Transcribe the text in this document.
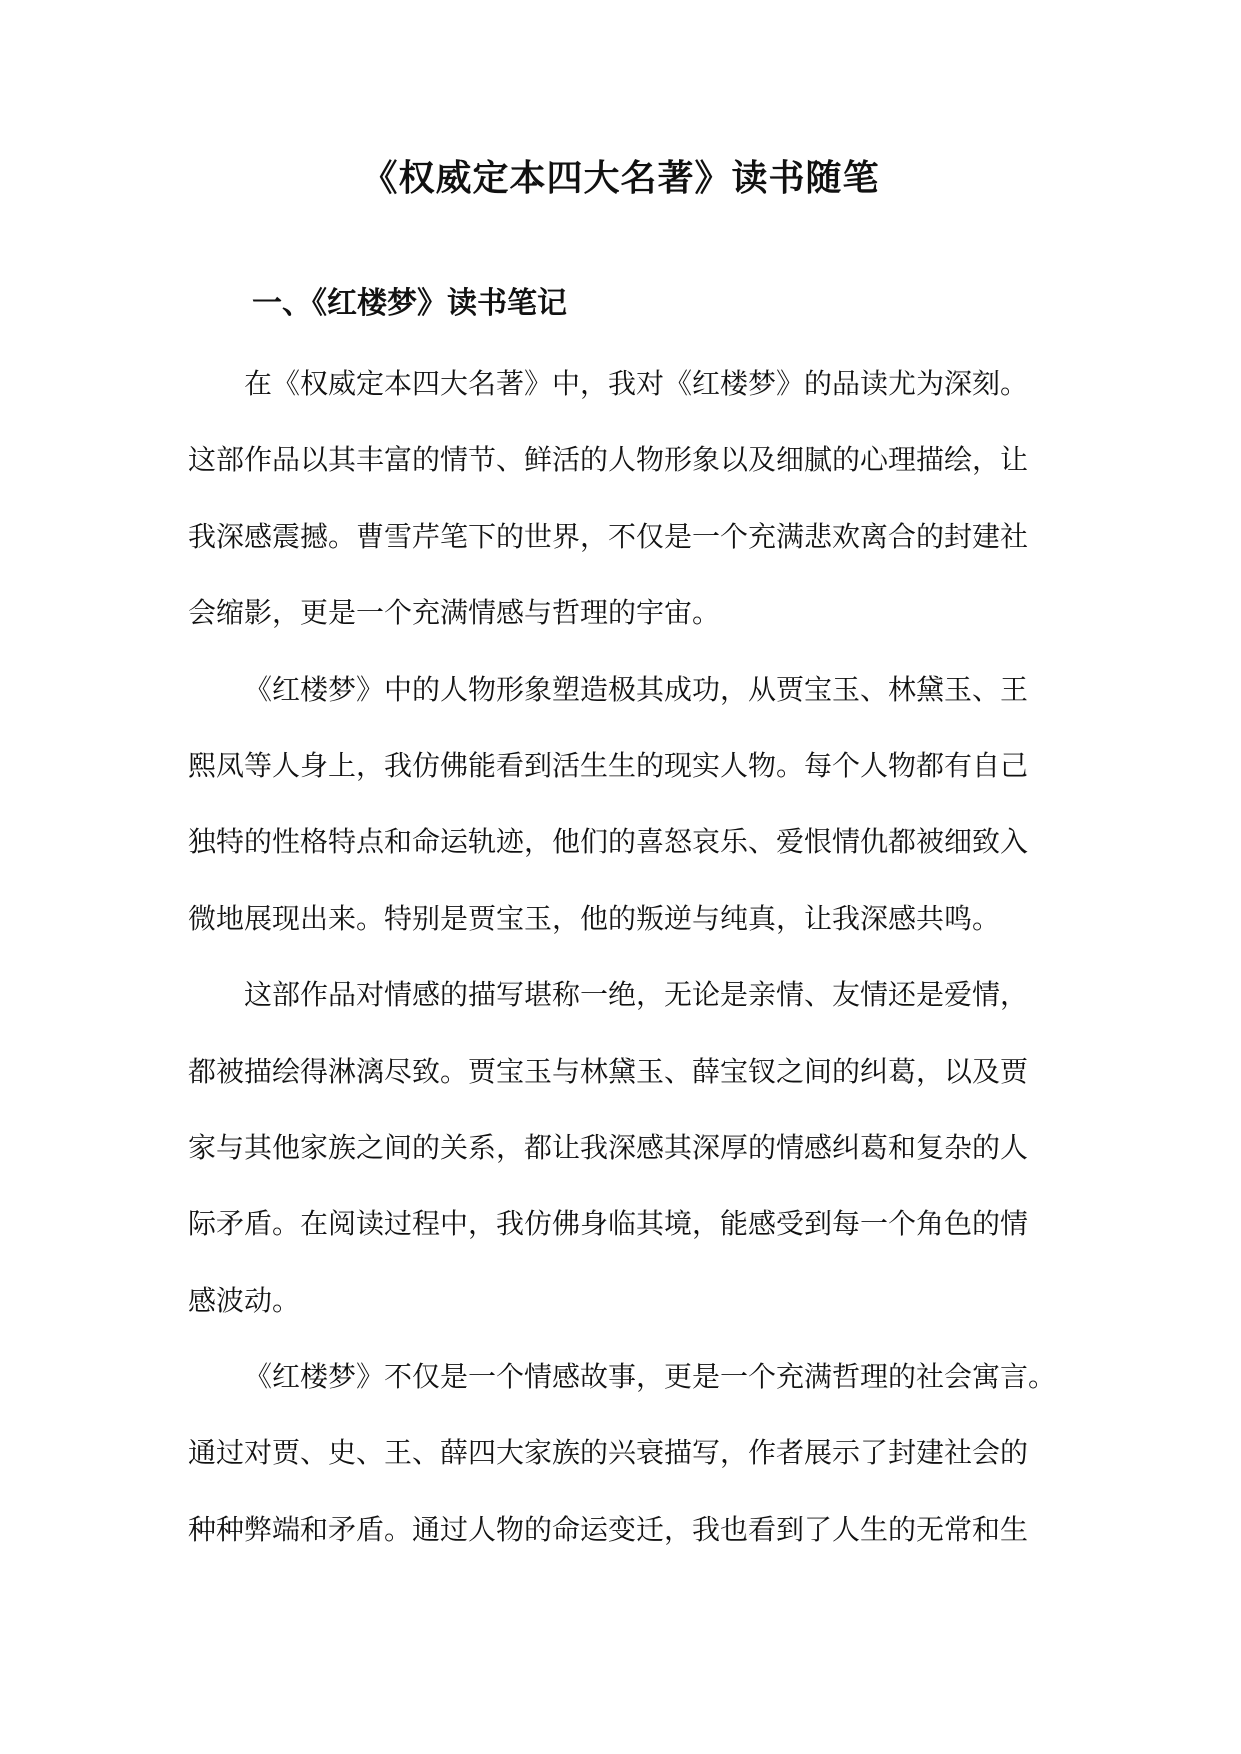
《权威定本四大名著》读书随笔
一、《红楼梦》读书笔记
在《权威定本四大名著》中，我对《红楼梦》的品读尤为深刻。
这部作品以其丰富的情节、鲜活的人物形象以及细腻的心理描绘，让
我深感震撼。曹雪芹笔下的世界，不仅是一个充满悲欢离合的封建社
会缩影，更是一个充满情感与哲理的宇宙。
《红楼梦》中的人物形象塑造极其成功，从贾宝玉、林黛玉、王
熙凤等人身上，我仿佛能看到活生生的现实人物。每个人物都有自己
独特的性格特点和命运轨迹，他们的喜怒哀乐、爱恨情仇都被细致入
微地展现出来。特别是贾宝玉，他的叛逆与纯真，让我深感共鸣。
这部作品对情感的描写堪称一绝，无论是亲情、友情还是爱情，
都被描绘得淋漓尽致。贾宝玉与林黛玉、薛宝钗之间的纠葛，以及贾
家与其他家族之间的关系，都让我深感其深厚的情感纠葛和复杂的人
际矛盾。在阅读过程中，我仿佛身临其境，能感受到每一个角色的情
感波动。
《红楼梦》不仅是一个情感故事，更是一个充满哲理的社会寓言。
通过对贾、史、王、薛四大家族的兴衰描写，作者展示了封建社会的
种种弊端和矛盾。通过人物的命运变迁，我也看到了人生的无常和生
